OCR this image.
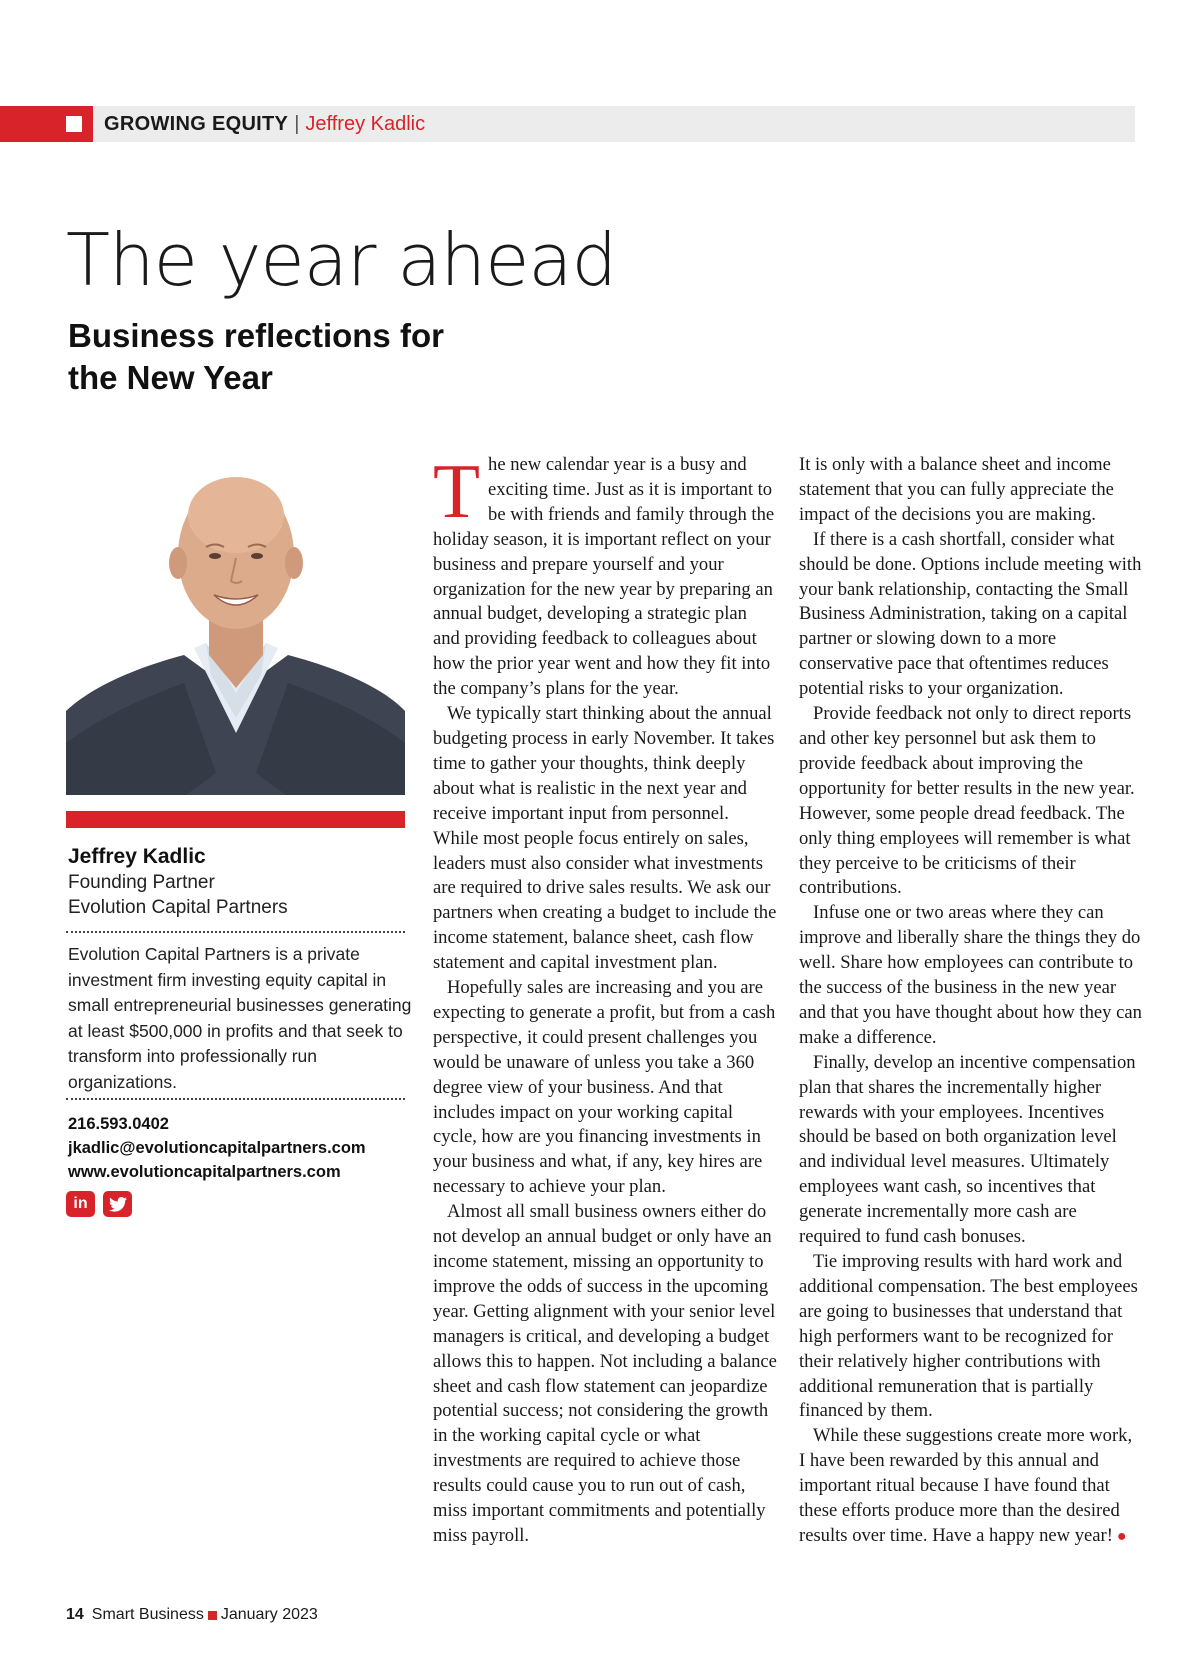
GROWING EQUITY | Jeffrey Kadlic
The year ahead
Business reflections for the New Year
Jeffrey Kadlic
Founding Partner
Evolution Capital Partners

Evolution Capital Partners is a private investment firm investing equity capital in small entrepreneurial businesses generating at least $500,000 in profits and that seek to transform into professionally run organizations.

216.593.0402
jkadlic@evolutioncapitalpartners.com
www.evolutioncapitalpartners.com
in

The new calendar year is a busy and exciting time. Just as it is important to be with friends and family through the holiday season, it is important reflect on your business and prepare yourself and your organization for the new year by preparing an annual budget, developing a strategic plan and providing feedback to colleagues about how the prior year went and how they fit into the company’s plans for the year.

We typically start thinking about the annual budgeting process in early November. It takes time to gather your thoughts, think deeply about what is realistic in the next year and receive important input from personnel. While most people focus entirely on sales, leaders must also consider what investments are required to drive sales results. We ask our partners when creating a budget to include the income statement, balance sheet, cash flow statement and capital investment plan.

Hopefully sales are increasing and you are expecting to generate a profit, but from a cash perspective, it could present challenges you would be unaware of unless you take a 360 degree view of your business. And that includes impact on your working capital cycle, how are you financing investments in your business and what, if any, key hires are necessary to achieve your plan.

Almost all small business owners either do not develop an annual budget or only have an income statement, missing an opportunity to improve the odds of success in the upcoming year. Getting alignment with your senior level managers is critical, and developing a budget allows this to happen. Not including a balance sheet and cash flow statement can jeopardize potential success; not considering the growth in the working capital cycle or what investments are required to achieve those results could cause you to run out of cash, miss important commitments and potentially miss payroll.

It is only with a balance sheet and income statement that you can fully appreciate the impact of the decisions you are making.

If there is a cash shortfall, consider what should be done. Options include meeting with your bank relationship, contacting the Small Business Administration, taking on a capital partner or slowing down to a more conservative pace that oftentimes reduces potential risks to your organization.

Provide feedback not only to direct reports and other key personnel but ask them to provide feedback about improving the opportunity for better results in the new year. However, some people dread feedback. The only thing employees will remember is what they perceive to be criticisms of their contributions.

Infuse one or two areas where they can improve and liberally share the things they do well. Share how employees can contribute to the success of the business in the new year and that you have thought about how they can make a difference.

Finally, develop an incentive compensation plan that shares the incrementally higher rewards with your employees. Incentives should be based on both organization level and individual level measures. Ultimately employees want cash, so incentives that generate incrementally more cash are required to fund cash bonuses.

Tie improving results with hard work and additional compensation. The best employees are going to businesses that understand that high performers want to be recognized for their relatively higher contributions with additional remuneration that is partially financed by them.

While these suggestions create more work, I have been rewarded by this annual and important ritual because I have found that these efforts produce more than the desired results over time. Have a happy new year! ●

14 Smart Business January 2023
